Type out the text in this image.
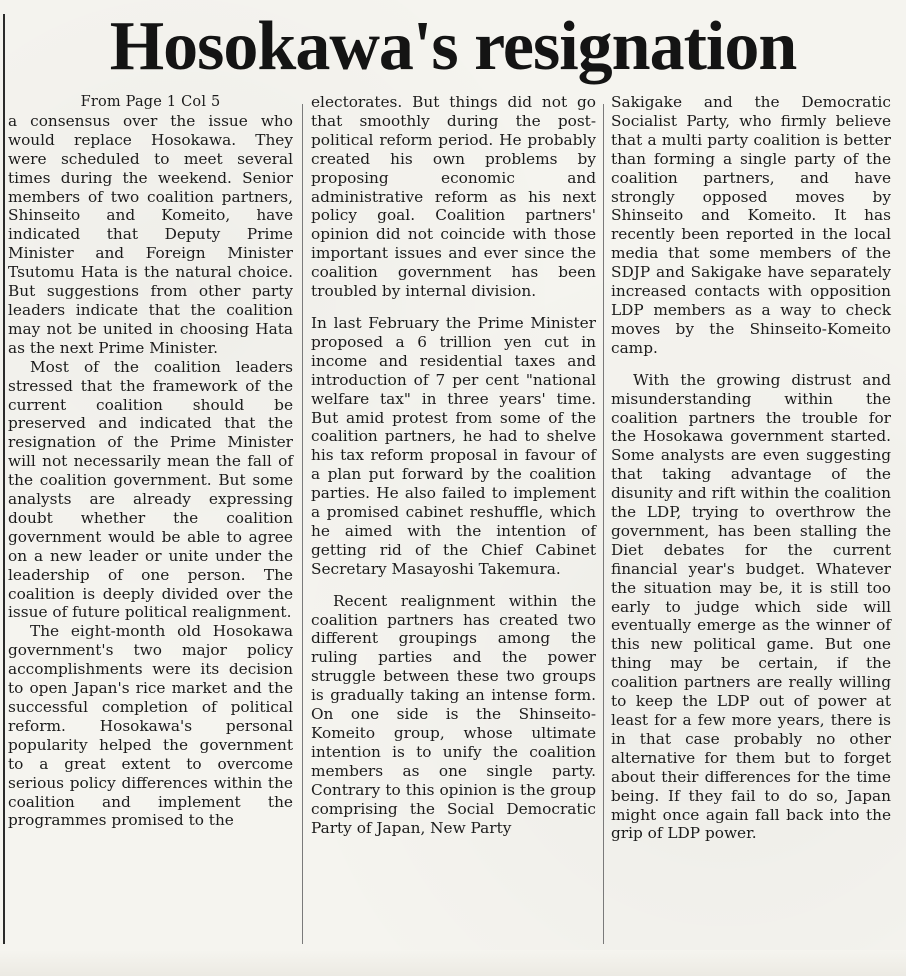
Hosokawa's resignation

From Page 1 Col 5

a consensus over the issue who would replace Hosokawa. They were scheduled to meet several times during the weekend. Senior members of two coalition partners, Shinseito and Komeito, have indicated that Deputy Prime Minister and Foreign Minister Tsutomu Hata is the natural choice. But suggestions from other party leaders indicate that the coalition may not be united in choosing Hata as the next Prime Minister.

Most of the coalition leaders stressed that the framework of the current coalition should be preserved and indicated that the resignation of the Prime Minister will not necessarily mean the fall of the coalition government. But some analysts are already expressing doubt whether the coalition government would be able to agree on a new leader or unite under the leadership of one person. The coalition is deeply divided over the issue of future political realignment.

The eight-month old Hosokawa government's two major policy accomplishments were its decision to open Japan's rice market and the successful completion of political reform. Hosokawa's personal popularity helped the government to a great extent to overcome serious policy differences within the coalition and implement the programmes promised to the

electorates. But things did not go that smoothly during the post-political reform period. He probably created his own problems by proposing economic and administrative reform as his next policy goal. Coalition partners' opinion did not coincide with those important issues and ever since the coalition government has been troubled by internal division.

In last February the Prime Minister proposed a 6 trillion yen cut in income and residential taxes and introduction of 7 per cent "national welfare tax" in three years' time. But amid protest from some of the coalition partners, he had to shelve his tax reform proposal in favour of a plan put forward by the coalition parties. He also failed to implement a promised cabinet reshuffle, which he aimed with the intention of getting rid of the Chief Cabinet Secretary Masayoshi Takemura.

Recent realignment within the coalition partners has created two different groupings among the ruling parties and the power struggle between these two groups is gradually taking an intense form. On one side is the Shinseito-Komeito group, whose ultimate intention is to unify the coalition members as one single party. Contrary to this opinion is the group comprising the Social Democratic Party of Japan, New Party

Sakigake and the Democratic Socialist Party, who firmly believe that a multi party coalition is better than forming a single party of the coalition partners, and have strongly opposed moves by Shinseito and Komeito. It has recently been reported in the local media that some members of the SDJP and Sakigake have separately increased contacts with opposition LDP members as a way to check moves by the Shinseito-Komeito camp.

With the growing distrust and misunderstanding within the coalition partners the trouble for the Hosokawa government started. Some analysts are even suggesting that taking advantage of the disunity and rift within the coalition the LDP, trying to overthrow the government, has been stalling the Diet debates for the current financial year's budget. Whatever the situation may be, it is still too early to judge which side will eventually emerge as the winner of this new political game. But one thing may be certain, if the coalition partners are really willing to keep the LDP out of power at least for a few more years, there is in that case probably no other alternative for them but to forget about their differences for the time being. If they fail to do so, Japan might once again fall back into the grip of LDP power.
